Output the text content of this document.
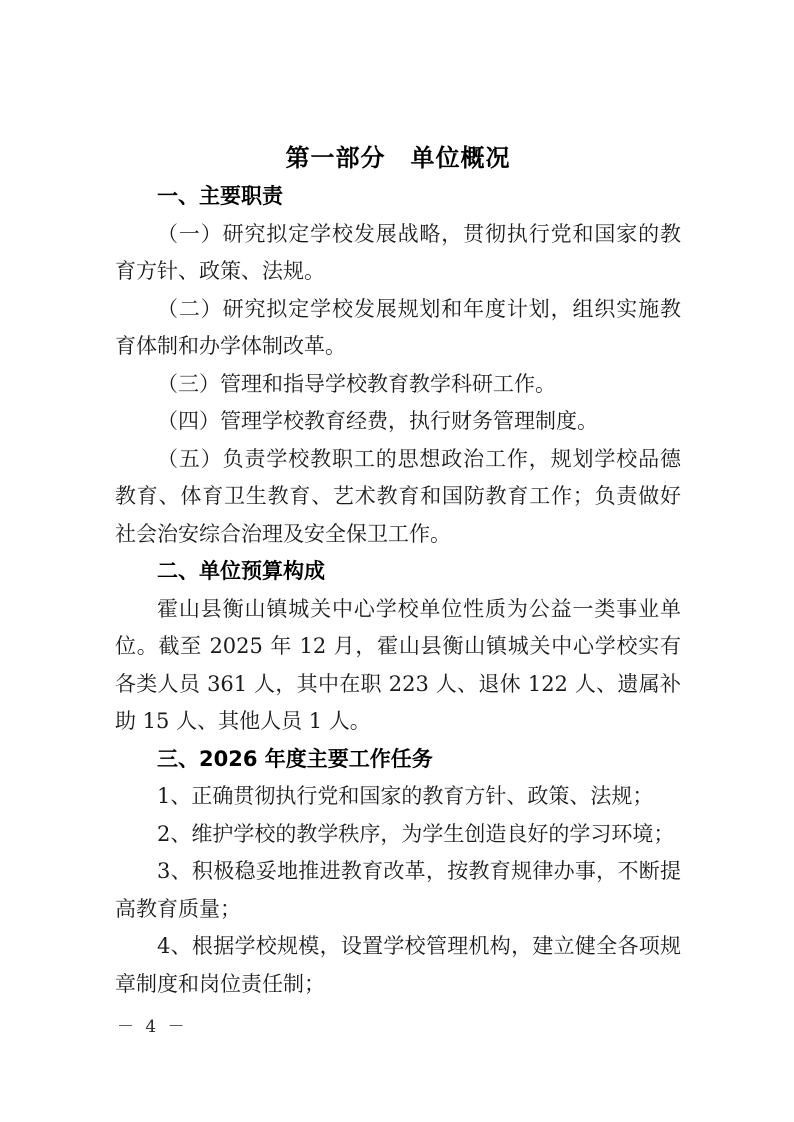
第一部分　单位概况
一、主要职责

（一）研究拟定学校发展战略，贯彻执行党和国家的教育方针、政策、法规。

（二）研究拟定学校发展规划和年度计划，组织实施教育体制和办学体制改革。

（三）管理和指导学校教育教学科研工作。

（四）管理学校教育经费，执行财务管理制度。

（五）负责学校教职工的思想政治工作，规划学校品德教育、体育卫生教育、艺术教育和国防教育工作；负责做好社会治安综合治理及安全保卫工作。

二、单位预算构成

霍山县衡山镇城关中心学校单位性质为公益一类事业单位。截至 2025 年 12 月，霍山县衡山镇城关中心学校实有各类人员 361 人，其中在职 223 人、退休 122 人、遗属补助 15 人、其他人员 1 人。

三、2026 年度主要工作任务

1、正确贯彻执行党和国家的教育方针、政策、法规；

2、维护学校的教学秩序，为学生创造良好的学习环境；

3、积极稳妥地推进教育改革，按教育规律办事，不断提高教育质量；

4、根据学校规模，设置学校管理机构，建立健全各项规章制度和岗位责任制；

－ 4 －
